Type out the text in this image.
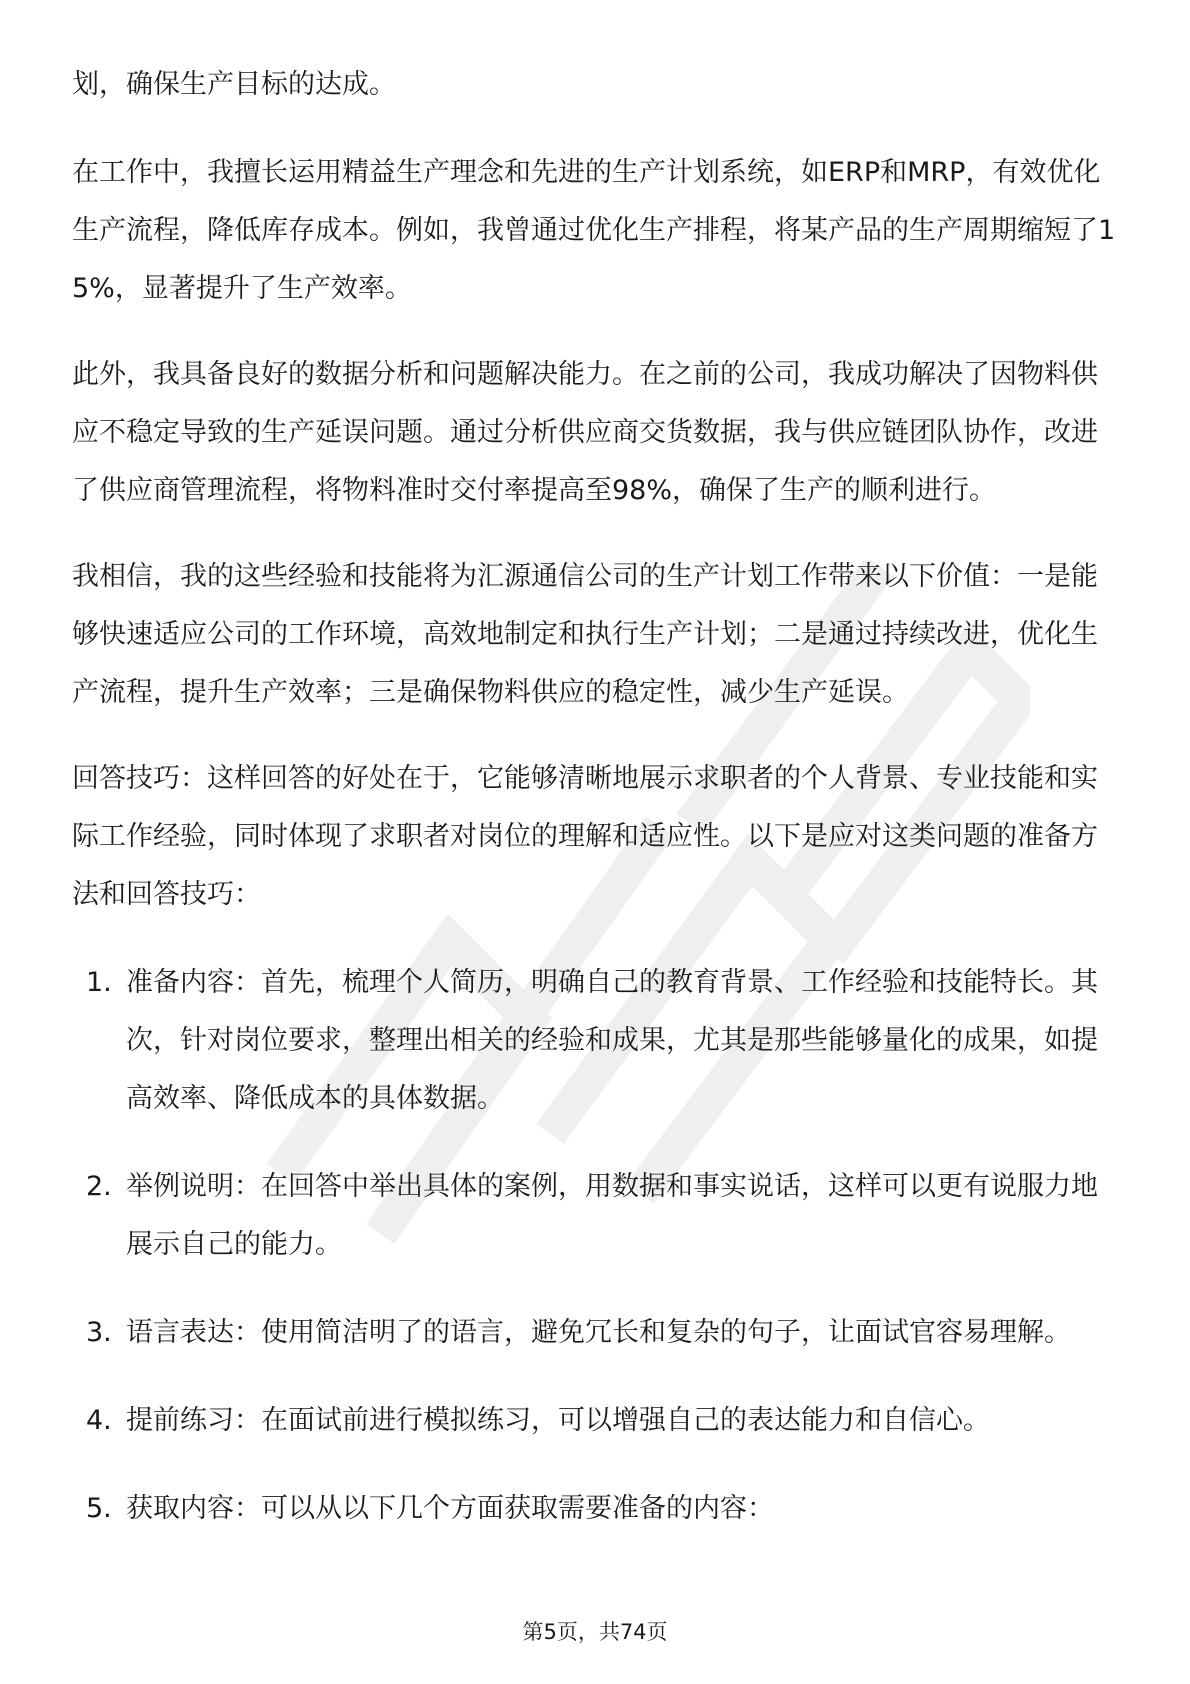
划，确保生产目标的达成。

在工作中，我擅长运用精益生产理念和先进的生产计划系统，如ERP和MRP，有效优化生产流程，降低库存成本。例如，我曾通过优化生产排程，将某产品的生产周期缩短了15%，显著提升了生产效率。

此外，我具备良好的数据分析和问题解决能力。在之前的公司，我成功解决了因物料供应不稳定导致的生产延误问题。通过分析供应商交货数据，我与供应链团队协作，改进了供应商管理流程，将物料准时交付率提高至98%，确保了生产的顺利进行。

我相信，我的这些经验和技能将为汇源通信公司的生产计划工作带来以下价值：一是能够快速适应公司的工作环境，高效地制定和执行生产计划；二是通过持续改进，优化生产流程，提升生产效率；三是确保物料供应的稳定性，减少生产延误。

回答技巧：这样回答的好处在于，它能够清晰地展示求职者的个人背景、专业技能和实际工作经验，同时体现了求职者对岗位的理解和适应性。以下是应对这类问题的准备方法和回答技巧：

1. 准备内容：首先，梳理个人简历，明确自己的教育背景、工作经验和技能特长。其次，针对岗位要求，整理出相关的经验和成果，尤其是那些能够量化的成果，如提高效率、降低成本的具体数据。
2. 举例说明：在回答中举出具体的案例，用数据和事实说话，这样可以更有说服力地展示自己的能力。
3. 语言表达：使用简洁明了的语言，避免冗长和复杂的句子，让面试官容易理解。
4. 提前练习：在面试前进行模拟练习，可以增强自己的表达能力和自信心。
5. 获取内容：可以从以下几个方面获取需要准备的内容：
第5页，共74页
